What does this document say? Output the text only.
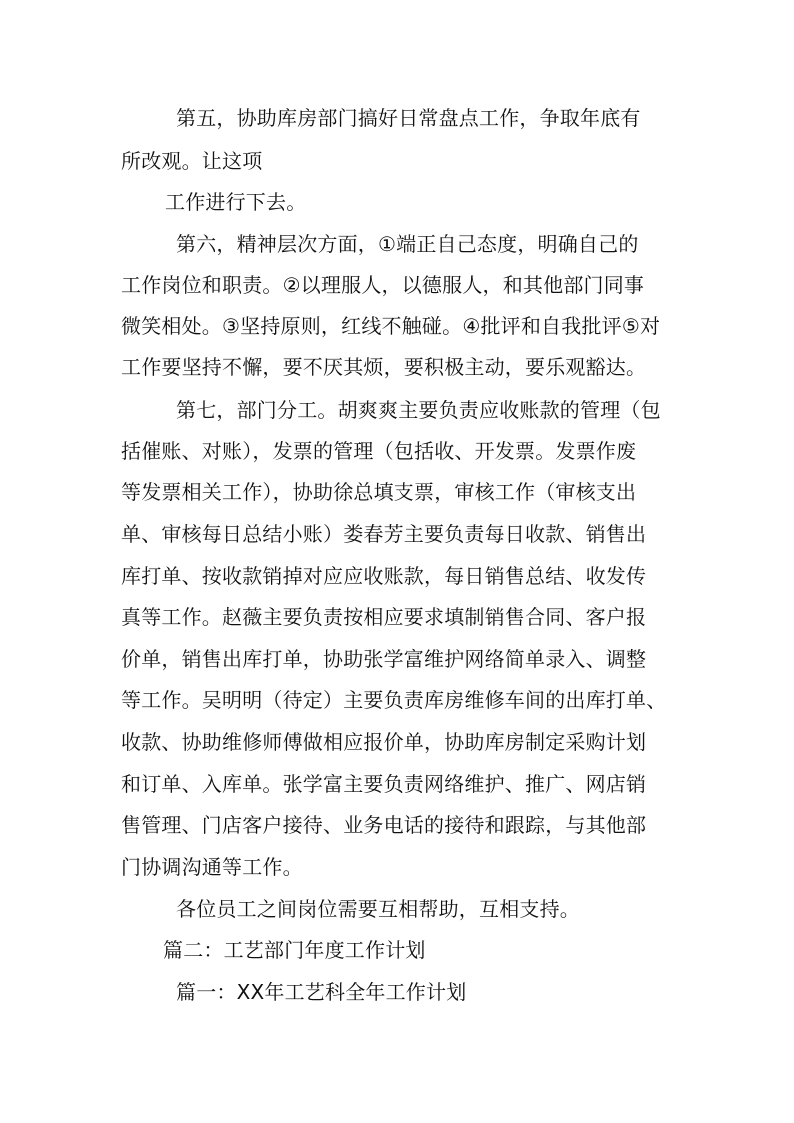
第五，协助库房部门搞好日常盘点工作，争取年底有
所改观。让这项
工作进行下去。
第六，精神层次方面，①端正自己态度，明确自己的
工作岗位和职责。②以理服人，以德服人，和其他部门同事
微笑相处。③坚持原则，红线不触碰。④批评和自我批评⑤对
工作要坚持不懈，要不厌其烦，要积极主动，要乐观豁达。
第七，部门分工。胡爽爽主要负责应收账款的管理（包
括催账、对账），发票的管理（包括收、开发票。发票作废
等发票相关工作），协助徐总填支票，审核工作（审核支出
单、审核每日总结小账）娄春芳主要负责每日收款、销售出
库打单、按收款销掉对应应收账款，每日销售总结、收发传
真等工作。赵薇主要负责按相应要求填制销售合同、客户报
价单，销售出库打单，协助张学富维护网络简单录入、调整
等工作。吴明明（待定）主要负责库房维修车间的出库打单、
收款、协助维修师傅做相应报价单，协助库房制定采购计划
和订单、入库单。张学富主要负责网络维护、推广、网店销
售管理、门店客户接待、业务电话的接待和跟踪，与其他部
门协调沟通等工作。
各位员工之间岗位需要互相帮助，互相支持。
篇二：工艺部门年度工作计划
篇一：XX年工艺科全年工作计划
